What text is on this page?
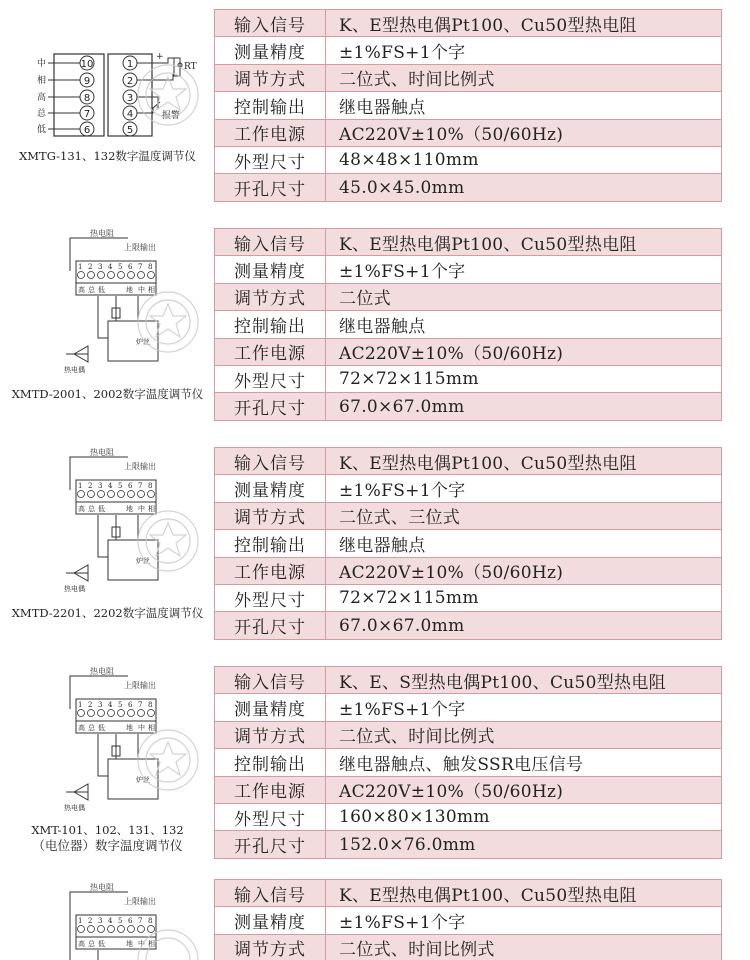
10
9
8
7
6
1
2
3
4
5
中
相
高
总
低
RT
报警
+
XMTG-131、132数字温度调节仪
输入信号	K、E型热电偶Pt100、Cu50型热电阻
测量精度	±1%FS+1个字
调节方式	二位式、时间比例式
控制输出	继电器触点
工作电源	AC220V±10%（50/60Hz)
外型尺寸	48×48×110mm
开孔尺寸	45.0×45.0mm
热电阻
上限输出
1 2 3 4 5 6 7 8
高 总 低	地 中 相
热电偶
炉丝
XMTD-2001、2002数字温度调节仪
输入信号	K、E型热电偶Pt100、Cu50型热电阻
测量精度	±1%FS+1个字
调节方式	二位式
控制输出	继电器触点
工作电源	AC220V±10%（50/60Hz)
外型尺寸	72×72×115mm
开孔尺寸	67.0×67.0mm
热电阻
上限输出
1 2 3 4 5 6 7 8
高 总 低	地 中 相
热电偶
炉丝
XMTD-2201、2202数字温度调节仪
输入信号	K、E型热电偶Pt100、Cu50型热电阻
测量精度	±1%FS+1个字
调节方式	二位式、三位式
控制输出	继电器触点
工作电源	AC220V±10%（50/60Hz)
外型尺寸	72×72×115mm
开孔尺寸	67.0×67.0mm
热电阻
上限输出
1 2 3 4 5 6 7 8
高 总 低	地 中 相
热电偶
炉丝
XMT-101、102、131、132
（电位器）数字温度调节仪
输入信号	K、E、S型热电偶Pt100、Cu50型热电阻
测量精度	±1%FS+1个字
调节方式	二位式、时间比例式
控制输出	继电器触点、触发SSR电压信号
工作电源	AC220V±10%（50/60Hz)
外型尺寸	160×80×130mm
开孔尺寸	152.0×76.0mm
热电阻
上限输出
1 2 3 4 5 6 7 8
高 总 低	地 中 相
输入信号	K、E型热电偶Pt100、Cu50型热电阻
测量精度	±1%FS+1个字
调节方式	二位式、时间比例式
